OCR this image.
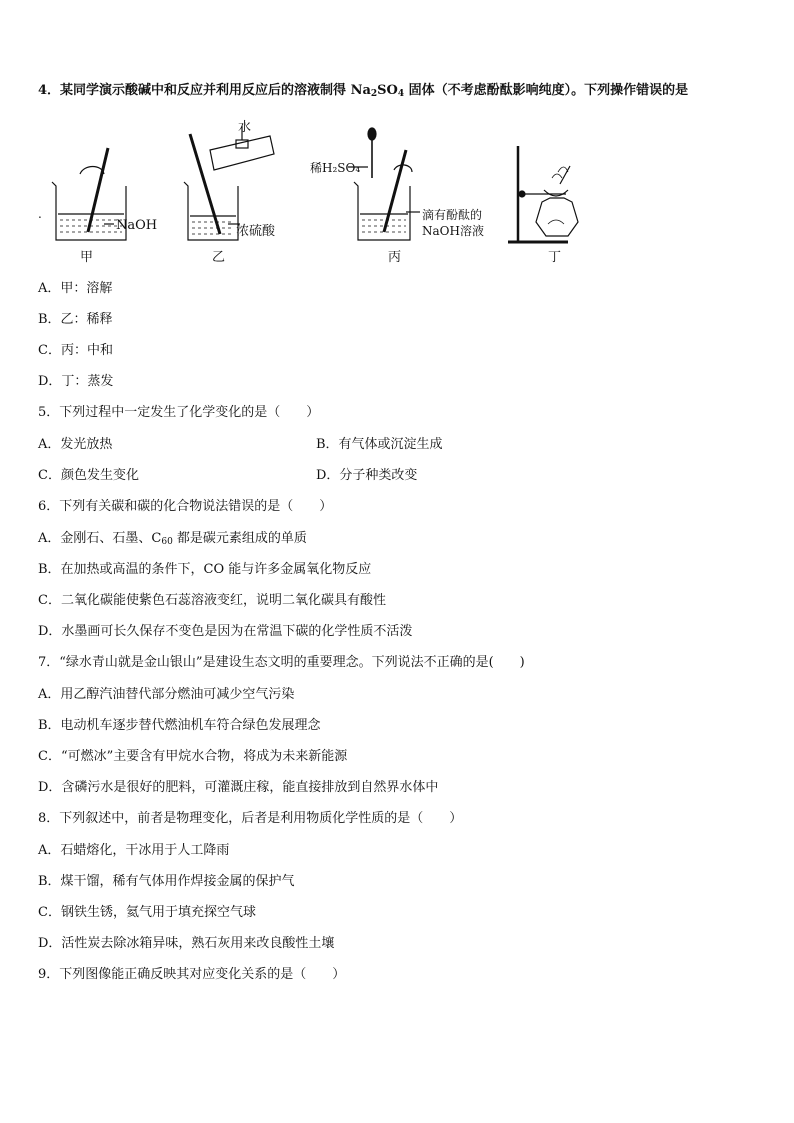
4．某同学演示酸碱中和反应并利用反应后的溶液制得 $Na_2SO_4$ 固体（不考虑酚酞影响纯度）。下列操作错误的是
.
NaOH
甲
水
浓硫酸
乙
稀H₂SO₄
滴有酚酞的
NaOH溶液
丙	丁
A．甲：溶解
B．乙：稀释
C．丙：中和
D．丁：蒸发
5．下列过程中一定发生了化学变化的是（　　）
A．发光放热	B．有气体或沉淀生成
C．颜色发生变化	D．分子种类改变
6．下列有关碳和碳的化合物说法错误的是（　　）
A．金刚石、石墨、$C_{60}$ 都是碳元素组成的单质
B．在加热或高温的条件下，CO 能与许多金属氧化物反应
C．二氧化碳能使紫色石蕊溶液变红，说明二氧化碳具有酸性
D．水墨画可长久保存不变色是因为在常温下碳的化学性质不活泼
7．“绿水青山就是金山银山”是建设生态文明的重要理念。下列说法不正确的是(　　)
A．用乙醇汽油替代部分燃油可减少空气污染
B．电动机车逐步替代燃油机车符合绿色发展理念
C．“可燃冰”主要含有甲烷水合物，将成为未来新能源
D．含磷污水是很好的肥料，可灌溉庄稼，能直接排放到自然界水体中
8．下列叙述中，前者是物理变化，后者是利用物质化学性质的是（　　）
A．石蜡熔化，干冰用于人工降雨
B．煤干馏，稀有气体用作焊接金属的保护气
C．钢铁生锈，氦气用于填充探空气球
D．活性炭去除冰箱异味，熟石灰用来改良酸性土壤
9．下列图像能正确反映其对应变化关系的是（　　）
